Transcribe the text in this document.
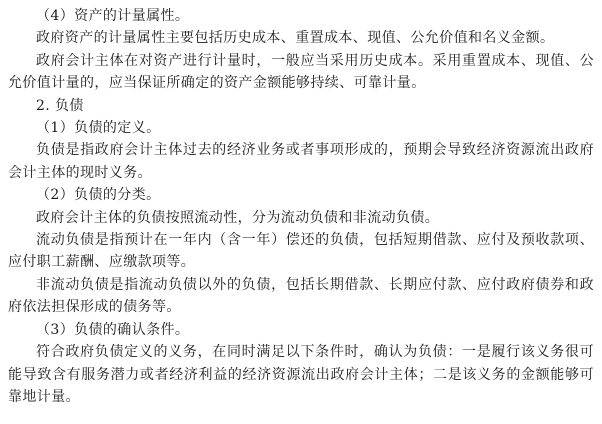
（4）资产的计量属性。

政府资产的计量属性主要包括历史成本、重置成本、现值、公允价值和名义金额。

政府会计主体在对资产进行计量时，一般应当采用历史成本。采用重置成本、现值、公允价值计量的，应当保证所确定的资产金额能够持续、可靠计量。

2. 负债

（1）负债的定义。

负债是指政府会计主体过去的经济业务或者事项形成的，预期会导致经济资源流出政府会计主体的现时义务。

（2）负债的分类。

政府会计主体的负债按照流动性，分为流动负债和非流动负债。

流动负债是指预计在一年内（含一年）偿还的负债，包括短期借款、应付及预收款项、应付职工薪酬、应缴款项等。

非流动负债是指流动负债以外的负债，包括长期借款、长期应付款、应付政府债券和政府依法担保形成的债务等。

（3）负债的确认条件。

符合政府负债定义的义务，在同时满足以下条件时，确认为负债：一是履行该义务很可能导致含有服务潜力或者经济利益的经济资源流出政府会计主体；二是该义务的金额能够可靠地计量。
